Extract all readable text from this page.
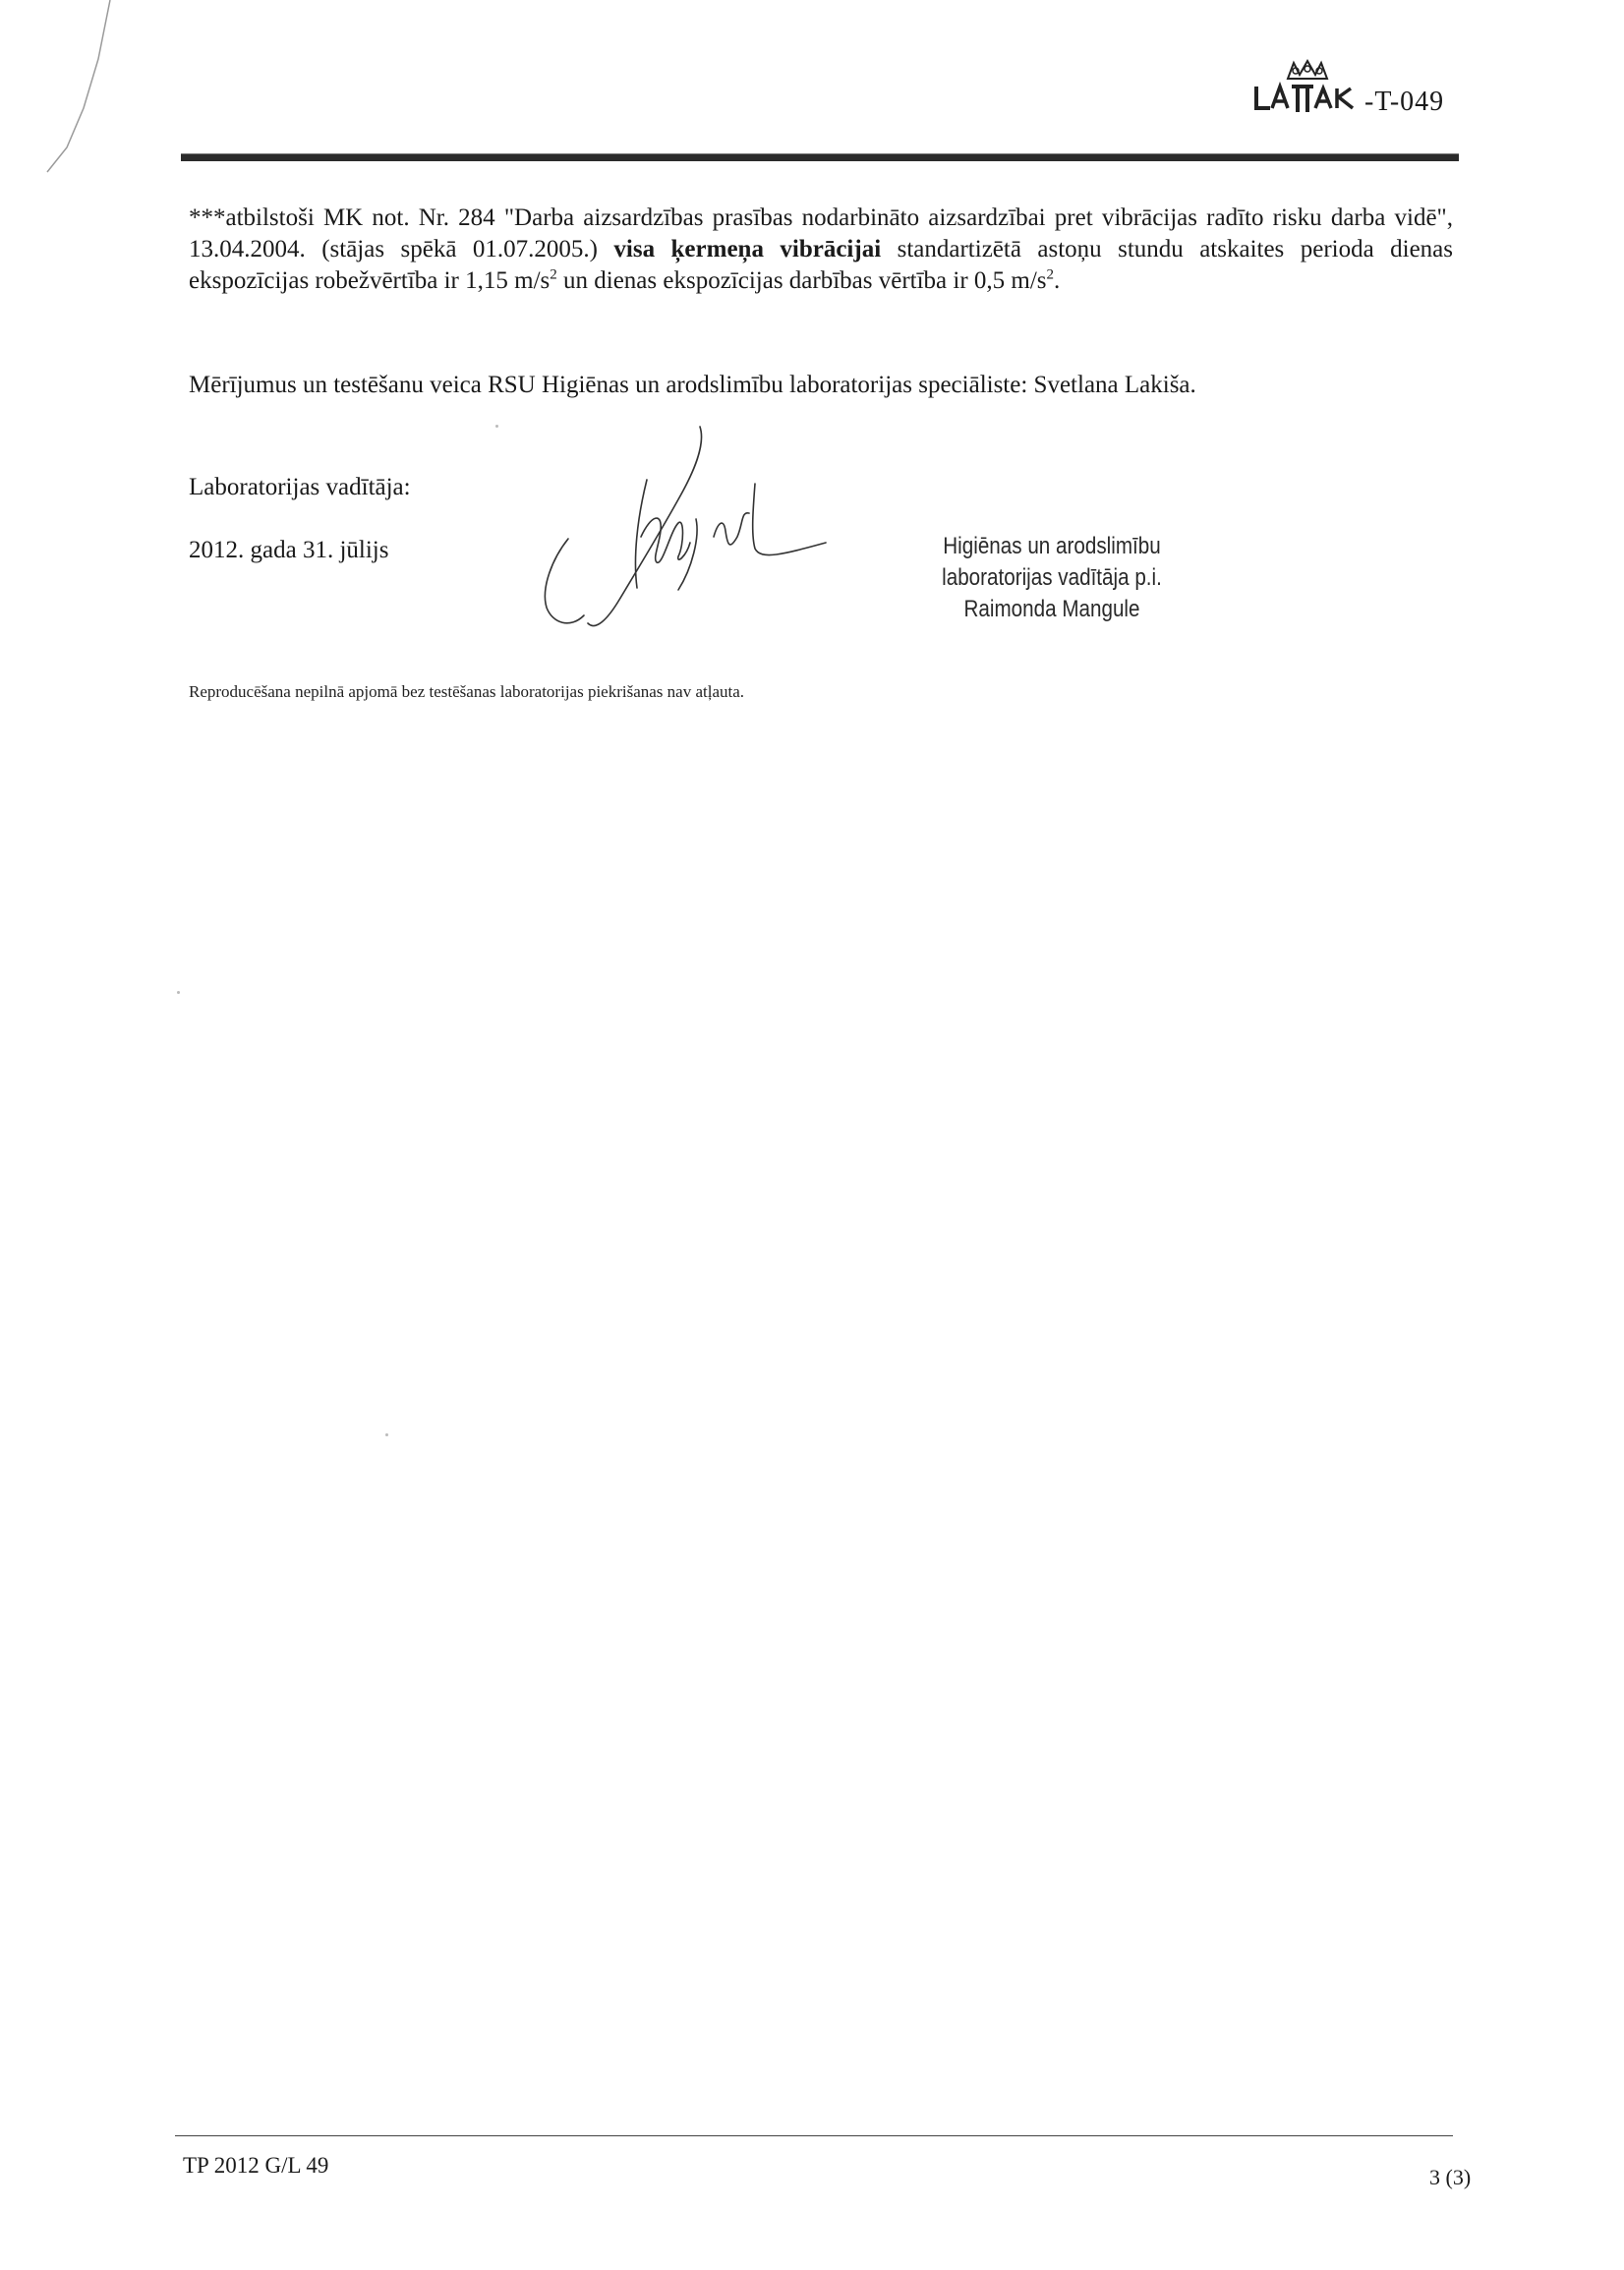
-T-049
***atbilstoši MK not. Nr. 284 "Darba aizsardzības prasības nodarbināto aizsardzībai pret vibrācijas radīto risku darba vidē", 13.04.2004. (stājas spēkā 01.07.2005.) visa ķermeņa vibrācijai standartizētā astoņu stundu atskaites perioda dienas ekspozīcijas robežvērtība ir 1,15 $m/s^2$ un dienas ekspozīcijas darbības vērtība ir 0,5 $m/s^2$.
Mērījumus un testēšanu veica RSU Higiēnas un arodslimību laboratorijas speciāliste: Svetlana Lakiša.
Laboratorijas vadītāja:
2012. gada 31. jūlijs	Higiēnas un arodslimību
laboratorijas vadītāja p.i.
Raimonda Mangule
Reproducēšana nepilnā apjomā bez testēšanas laboratorijas piekrišanas nav atļauta.
TP 2012 G/L 49	3 (3)
